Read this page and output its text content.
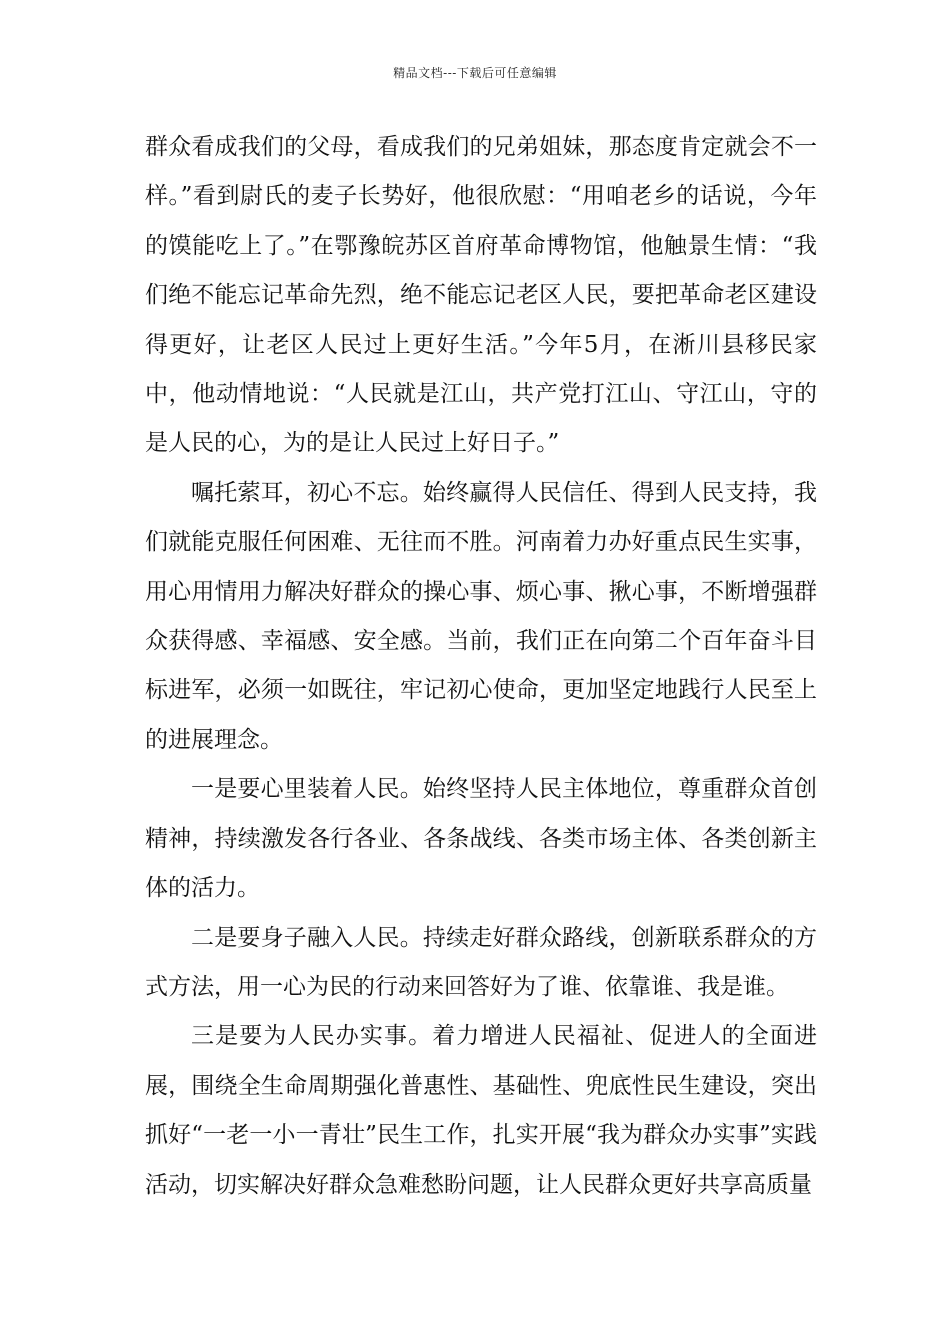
精品文档---下载后可任意编辑

群众看成我们的父母，看成我们的兄弟姐妹，那态度肯定就会不一样。”看到尉氏的麦子长势好，他很欣慰：“用咱老乡的话说，今年的馍能吃上了。”在鄂豫皖苏区首府革命博物馆，他触景生情：“我们绝不能忘记革命先烈，绝不能忘记老区人民，要把革命老区建设得更好，让老区人民过上更好生活。”今年5月，在淅川县移民家中，他动情地说：“人民就是江山，共产党打江山、守江山，守的是人民的心，为的是让人民过上好日子。”

嘱托萦耳，初心不忘。始终赢得人民信任、得到人民支持，我们就能克服任何困难、无往而不胜。河南着力办好重点民生实事，用心用情用力解决好群众的操心事、烦心事、揪心事，不断增强群众获得感、幸福感、安全感。当前，我们正在向第二个百年奋斗目标进军，必须一如既往，牢记初心使命，更加坚定地践行人民至上的进展理念。

一是要心里装着人民。始终坚持人民主体地位，尊重群众首创精神，持续激发各行各业、各条战线、各类市场主体、各类创新主体的活力。

二是要身子融入人民。持续走好群众路线，创新联系群众的方式方法，用一心为民的行动来回答好为了谁、依靠谁、我是谁。

三是要为人民办实事。着力增进人民福祉、促进人的全面进展，围绕全生命周期强化普惠性、基础性、兜底性民生建设，突出抓好“一老一小一青壮”民生工作，扎实开展“我为群众办实事”实践活动，切实解决好群众急难愁盼问题，让人民群众更好共享高质量
